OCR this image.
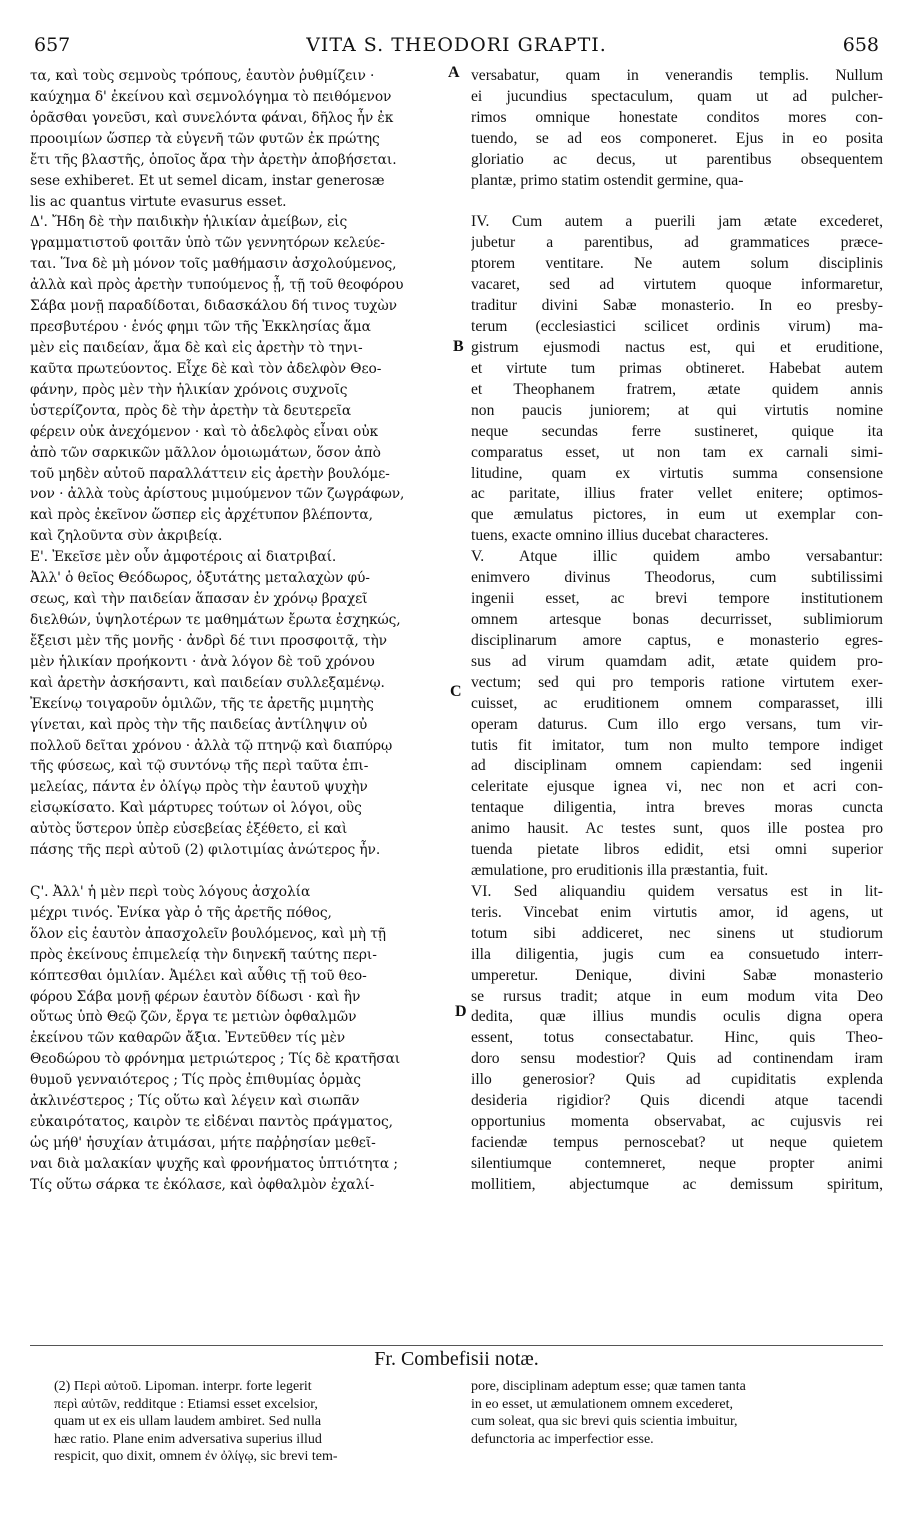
657	VITA S. THEODORI GRAPTI.	658
τα, καὶ τοὺς σεμνοὺς τρόπους, ἑαυτὸν ῥυθμίζειν ·
καύχημα δ' ἐκείνου καὶ σεμνολόγημα τὸ πειθόμενον
ὁρᾶσθαι γονεῦσι, καὶ συνελόντα φάναι, δῆλος ἦν ἐκ
προοιμίων ὥσπερ τὰ εὐγενῆ τῶν φυτῶν ἐκ πρώτης
ἔτι τῆς βλαστῆς, ὁποῖος ἄρα τὴν ἀρετὴν ἀποβήσεται.
sese exhiberet. Et ut semel dicam, instar generosæ
lis ac quantus virtute evasurus esset.
Δ'. Ἤδη δὲ τὴν παιδικὴν ἡλικίαν ἀμείβων, εἰς
γραμματιστοῦ φοιτᾶν ὑπὸ τῶν γεννητόρων κελεύε-
ται. Ἵνα δὲ μὴ μόνον τοῖς μαθήμασιν ἀσχολούμενος,
ἀλλὰ καὶ πρὸς ἀρετὴν τυπούμενος ᾖ, τῇ τοῦ θεοφόρου
Σάβα μονῇ παραδίδοται, διδασκάλου δή τινος τυχὼν
πρεσβυτέρου · ἑνός φημι τῶν τῆς Ἐκκλησίας ἅμα
μὲν εἰς παιδείαν, ἅμα δὲ καὶ εἰς ἀρετὴν τὸ τηνι-
καῦτα πρωτεύοντος. Εἶχε δὲ καὶ τὸν ἀδελφὸν Θεο-
φάνην, πρὸς μὲν τὴν ἡλικίαν χρόνοις συχνοῖς
ὑστερίζοντα, πρὸς δὲ τὴν ἀρετὴν τὰ δευτερεῖα
φέρειν οὐκ ἀνεχόμενον · καὶ τὸ ἀδελφὸς εἶναι οὐκ
ἀπὸ τῶν σαρκικῶν μᾶλλον ὁμοιωμάτων, ὅσον ἀπὸ
τοῦ μηδὲν αὐτοῦ παραλλάττειν εἰς ἀρετὴν βουλόμε-
νον · ἀλλὰ τοὺς ἀρίστους μιμούμενον τῶν ζωγράφων,
καὶ πρὸς ἐκεῖνον ὥσπερ εἰς ἀρχέτυπον βλέποντα,
καὶ ζηλοῦντα σὺν ἀκριβείᾳ.
Ε'. Ἐκεῖσε μὲν οὖν ἀμφοτέροις αἱ διατριβαί.
Ἀλλ' ὁ θεῖος Θεόδωρος, ὀξυτάτης μεταλαχὼν φύ-
σεως, καὶ τὴν παιδείαν ἅπασαν ἐν χρόνῳ βραχεῖ
διελθών, ὑψηλοτέρων τε μαθημάτων ἔρωτα ἐσχηκώς,
ἔξεισι μὲν τῆς μονῆς · ἀνδρὶ δέ τινι προσφοιτᾷ, τὴν
μὲν ἡλικίαν προήκοντι · ἀνὰ λόγον δὲ τοῦ χρόνου
καὶ ἀρετὴν ἀσκήσαντι, καὶ παιδείαν συλλεξαμένῳ.
Ἐκείνῳ τοιγαροῦν ὁμιλῶν, τῆς τε ἀρετῆς μιμητὴς
γίνεται, καὶ πρὸς τὴν τῆς παιδείας ἀντίληψιν οὐ
πολλοῦ δεῖται χρόνου · ἀλλὰ τῷ πτηνῷ καὶ διαπύρῳ
τῆς φύσεως, καὶ τῷ συντόνῳ τῆς περὶ ταῦτα ἐπι-
μελείας, πάντα ἐν ὀλίγῳ πρὸς τὴν ἑαυτοῦ ψυχὴν
εἰσῳκίσατο. Καὶ μάρτυρες τούτων οἱ λόγοι, οὓς
αὐτὸς ὕστερον ὑπὲρ εὐσεβείας ἐξέθετο, εἰ καὶ
πάσης τῆς περὶ αὐτοῦ (2) φιλοτιμίας ἀνώτερος ἦν.
Ϛ'. Ἀλλ' ἡ μὲν περὶ τοὺς λόγους ἀσχολία
μέχρι τινός. Ἐνίκα γὰρ ὁ τῆς ἀρετῆς πόθος,
ὅλον εἰς ἑαυτὸν ἀπασχολεῖν βουλόμενος, καὶ μὴ τῇ
πρὸς ἐκείνους ἐπιμελείᾳ τὴν διηνεκῆ ταύτης περι-
κόπτεσθαι ὁμιλίαν. Ἀμέλει καὶ αὖθις τῇ τοῦ θεο-
φόρου Σάβα μονῇ φέρων ἑαυτὸν δίδωσι · καὶ ἣν
οὕτως ὑπὸ Θεῷ ζῶν, ἔργα τε μετιὼν ὀφθαλμῶν
ἐκείνου τῶν καθαρῶν ἄξια. Ἐντεῦθεν τίς μὲν
Θεοδώρου τὸ φρόνημα μετριώτερος ; Τίς δὲ κρατῆσαι
θυμοῦ γενναιότερος ; Τίς πρὸς ἐπιθυμίας ὁρμὰς
ἀκλινέστερος ; Τίς οὕτω καὶ λέγειν καὶ σιωπᾶν
εὐκαιρότατος, καιρὸν τε εἰδέναι παντὸς πράγματος,
ὡς μήθ' ἡσυχίαν ἀτιμάσαι, μήτε παῤῥησίαν μεθεῖ-
ναι διὰ μαλακίαν ψυχῆς καὶ φρονήματος ὑπτιότητα ;
Τίς οὕτω σάρκα τε ἐκόλασε, καὶ ὀφθαλμὸν ἐχαλί-
versabatur, quam in venerandis templis. Nullum
ei jucundius spectaculum, quam ut ad pulcher-
rimos omnique honestate conditos mores con-
tuendo, se ad eos componeret. Ejus in eo posita
gloriatio ac decus, ut parentibus obsequentem
plantæ, primo statim ostendit germine, qua-
IV. Cum autem a puerili jam ætate excederet,
jubetur a parentibus, ad grammatices præce-
ptorem ventitare. Ne autem solum disciplinis
vacaret, sed ad virtutem quoque informaretur,
traditur divini Sabæ monasterio. In eo presby-
terum (ecclesiastici scilicet ordinis virum) ma-
gistrum ejusmodi nactus est, qui et eruditione,
et virtute tum primas obtineret. Habebat autem
et Theophanem fratrem, ætate quidem annis
non paucis juniorem; at qui virtutis nomine
neque secundas ferre sustineret, quique ita
comparatus esset, ut non tam ex carnali simi-
litudine, quam ex virtutis summa consensione
ac paritate, illius frater vellet enitere; optimos-
que æmulatus pictores, in eum ut exemplar con-
tuens, exacte omnino illius ducebat characteres.
V. Atque illic quidem ambo versabantur:
enimvero divinus Theodorus, cum subtilissimi
ingenii esset, ac brevi tempore institutionem
omnem artesque bonas decurrisset, sublimiorum
disciplinarum amore captus, e monasterio egres-
sus ad virum quamdam adit, ætate quidem pro-
vectum; sed qui pro temporis ratione virtutem exer-
cuisset, ac eruditionem omnem comparasset, illi
operam daturus. Cum illo ergo versans, tum vir-
tutis fit imitator, tum non multo tempore indiget
ad disciplinam omnem capiendam: sed ingenii
celeritate ejusque ignea vi, nec non et acri con-
tentaque diligentia, intra breves moras cuncta
animo hausit. Ac testes sunt, quos ille postea pro
tuenda pietate libros edidit, etsi omni superior
æmulatione, pro eruditionis illa præstantia, fuit.
VI. Sed aliquandiu quidem versatus est in lit-
teris. Vincebat enim virtutis amor, id agens, ut
totum sibi addiceret, nec sinens ut studiorum
illa diligentia, jugis cum ea consuetudo interr-
umperetur. Denique, divini Sabæ monasterio
se rursus tradit; atque in eum modum vita Deo
dedita, quæ illius mundis oculis digna opera
essent, totus consectabatur. Hinc, quis Theo-
doro sensu modestior? Quis ad continendam iram
illo generosior? Quis ad cupiditatis explenda
desideria rigidior? Quis dicendi atque tacendi
opportunius momenta observabat, ac cujusvis rei
faciendæ tempus pernoscebat? ut neque quietem
silentiumque contemneret, neque propter animi
mollitiem, abjectumque ac demissum spiritum,
A
B
C
D
Fr. Combefisii notæ.
(2) Περὶ αὐτοῦ. Lipoman. interpr. forte legerit
περὶ αὐτῶν, redditque : Etiamsi esset excelsior,
quam ut ex eis ullam laudem ambiret. Sed nulla
hæc ratio. Plane enim adversativa superius illud
respicit, quo dixit, omnem ἐν ὀλίγῳ, sic brevi tem-
pore, disciplinam adeptum esse; quæ tamen tanta
in eo esset, ut æmulationem omnem excederet,
cum soleat, qua sic brevi quis scientia imbuitur,
defunctoria ac imperfectior esse.
